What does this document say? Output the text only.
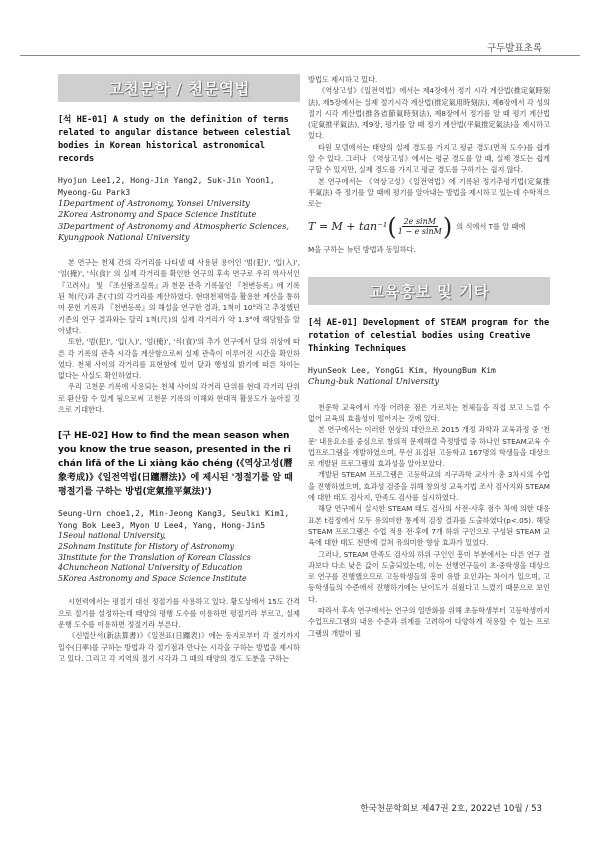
구두발표초록
고천문학 / 천문역법
[석 HE-01] A study on the definition of terms related to angular distance between celestial bodies in Korean historical astronomical records
Hyojun Lee1,2, Hong-Jin Yang2, Suk-Jin Yoon1, Myeong-Gu Park3
1Department of Astronomy, Yonsei University
2Korea Astronomy and Space Science Institute
3Department of Astronomy and Atmospheric Sciences, Kyungpook National University
본 연구는 천체 간의 각거리를 나타낼 때 사용된 용어인 '범(犯)', '입(入)', '엄(掩)', '식(食)' 의 실제 각거리를 확인한 연구의 후속 연구로 우리 역사서인 『고려사』 및 『조선왕조실록』과 천문 관측 기록물인 『천변등록』에 기록된 척(尺)과 촌(寸)의 각거리를 계산하였다. 현대천체역을 활용한 계산을 통하여 문헌 기록과 『천변등록』의 해설을 연구한 결과, 1척이 10°라고 추정했던 기존의 연구 결과와는 달리 1척(尺)의 실제 각거리가 약 1.3°에 해당함을 알아냈다.
또한, '범(犯)', '입(入)', '엄(掩)', '식(食)'의 추가 연구에서 달의 위상에 따른 각 기록의 관측 시각을 계산함으로써 실제 관측이 이루어진 시간을 확인하였다. 천체 사이의 각거리를 표현함에 있어 달과 행성의 밝기에 따른 차이는 없다는 사실도 확인하였다.
우리 고천문 기록에 사용되는 천체 사이의 각거리 단위를 현대 각거리 단위로 환산할 수 있게 됨으로써 고천문 기록의 이해와 현대적 활용도가 높아질 것으로 기대한다.
[구 HE-02] How to find the mean season when you know the true season, presented in the ri chán lìfǎ of the Li xiàng kǎo chéng (《역상고성(曆象考成)》《일전역법(日躔曆法)》에 제시된 '정절기를 알 때 평절기를 구하는 방법(定氣推平氣法)')
Seung-Urn choe1,2, Min-Jeong Kang3, Seulki Kim1, Yong Bok Lee3, Myon U Lee4, Yang, Hong-Jin5
1Seoul national University,
2Sohnam Institute for History of Astronomy
3Institute for the Translation of Korean Classics
4Chuncheon National University of Education
5Korea Astronomy and Space Science Institute
시헌력에서는 평절기 대신 정절기를 사용하고 있다. 황도상에서 15도 간격으로 절기를 설정하는데 태양의 평행 도수를 이용하면 평절기라 부르고, 실제 운행 도수를 이용하면 정절기라 부른다.
《신법산서(新法算書)》《일전표(日躔表)》에는 동지로부터 각 절기까지 일수(日率)를 구하는 방법과 각 절기점과 만나는 시각을 구하는 방법을 제시하고 있다. 그리고 각 지역의 절기 시각과 그 때의 태양의 경도 도분을 구하는
방법도 제시하고 있다.
《역상고성》《일전역법》에서는 제4장에서 정기 시각 계산법(推定氣時刻法), 제5장에서는 실제 절기시각 계산법(推定氣用時刻法), 제6장에서 각 성의 절기 시각 계산법(推各省節氣時刻法), 제8장에서 정기를 알 때 평기 계산법(定氣推平氣法), 제9장, 평기를 알 때 정기 계산법(平氣推定氣法)을 제시하고 있다.
타원 모델에서는 태양의 실제 경도를 가지고 평균 경도(면적 도수)를 쉽게 알 수 있다. 그러나 《역상고성》에서는 평균 경도를 알 때, 실제 경도는 쉽게 구할 수 있지만, 실제 경도를 가지고 평균 경도를 구하기는 쉽지 않다.
본 연구에서는 《역상고성》《일전역법》에 기록된 정기추평기법(定氣推平氣法) 즉 정기를 알 때에 평기를 알아내는 방법을 제시하고 있는데 수학적으로는
T = M + tan⁻¹ ( $\frac{\text{2e sinM}}{\text{1 − e sinM}}$ ) 의 식에서 T를 알 때에
M을 구하는 뉴턴 방법과 동일하다.
교육홍보 및 기타
[석 AE-01] Development of STEAM program for the rotation of celestial bodies using Creative Thinking Techniques
HyunSeok Lee, YongGi Kim, HyoungBum Kim
Chung-buk National University
천문학 교육에서 가장 어려운 점은 가르치는 천체들을 직접 보고 느낄 수 없어 교육의 효율성이 떨어지는 것에 있다.
본 연구에서는 이러한 현상의 대안으로 2015 개정 과학과 교육과정 중 '천문' 내용요소를 중심으로 창의적 문제해결 측정방법 중 하나인 STEAM교육 수업프로그램을 개발하였으며, 무선 표집된 고등학교 167명의 학생들을 대상으로 개발된 프로그램의 효과성을 알아보았다.
개발된 STEAM 프로그램은 고등학교의 지구과학 교사가 총 3차시의 수업을 진행하였으며, 효과성 검증을 위해 창의성 교육기법 조사 검사지와 STEAM에 대한 태도 검사지, 만족도 검사를 실시하였다.
해당 연구에서 실시한 STEAM 태도 검사의 사전-사후 점수 차에 의한 대응 표본 t검정에서 모두 유의미한 통계적 검정 결과를 도출하였다(p<.05). 해당 STEAM 프로그램은 수업 적용 전·후에 7개 하위 구인으로 구성된 STEAM 교육에 대한 태도 전반에 걸쳐 유의미한 향상 효과가 있었다.
그러나, STEAM 만족도 검사의 하위 구인인 흥미 부분에서는 다른 연구 결과보다 다소 낮은 값이 도출되었는데, 이는 선행연구들이 초·중학생을 대상으로 연구를 진행했으므로 고등학생들의 흥미 유발 요인과는 차이가 있으며, 고등학생들의 수준에서 진행하기에는 난이도가 쉬웠다고 느꼈기 때문으로 보인다.
따라서 후속 연구에서는 연구의 일반화를 위해 초등학생부터 고등학생까지 수업프로그램의 내용 수준과 위계를 고려하여 다양하게 적용할 수 있는 프로그램의 개발이 필
한국천문학회보 제47권 2호, 2022년 10월 / 53
